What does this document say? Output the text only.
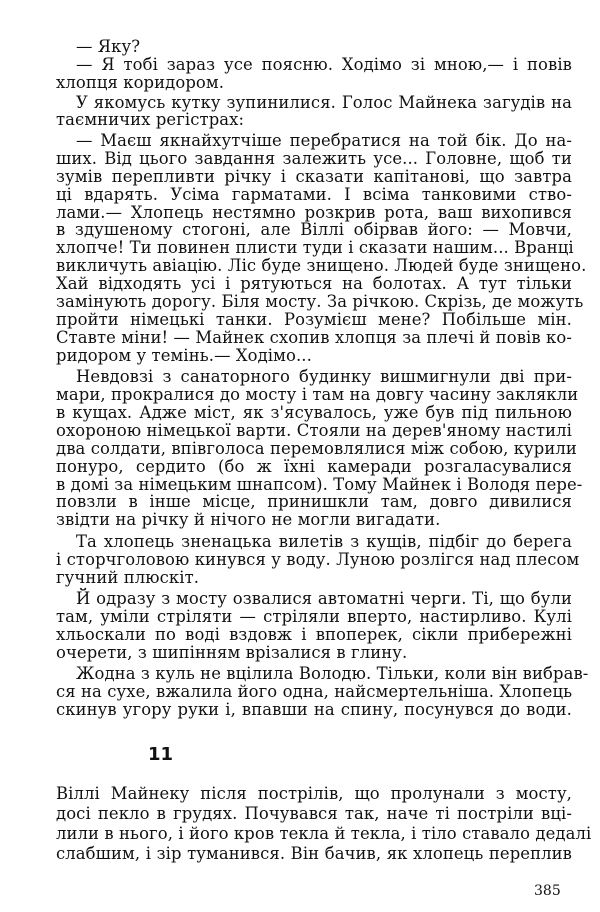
— Яку?
— Я тобі зараз усе поясню. Ходімо зі мною,— і повів
хлопця коридором.
У якомусь кутку зупинилися. Голос Майнека загудів на
таємничих регістрах:
— Маєш якнайхутчіше перебратися на той бік. До на-
ших. Від цього завдання залежить усе... Головне, щоб ти
зумів перепливти річку і сказати капітанові, що завтра
ці вдарять. Усіма гарматами. І всіма танковими ство-
лами.— Хлопець нестямно розкрив рота, ваш вихопився
в здушеному стогоні, але Віллі обірвав його: — Мовчи,
хлопче! Ти повинен плисти туди і сказати нашим... Вранці
викличуть авіацію. Ліс буде знищено. Людей буде знищено.
Хай відходять усі і рятуються на болотах. А тут тільки
замінують дорогу. Біля мосту. За річкою. Скрізь, де можуть
пройти німецькі танки. Розумієш мене? Побільше мін.
Ставте міни! — Майнек схопив хлопця за плечі й повів ко-
ридором у темінь.— Ходімо...
Невдовзі з санаторного будинку вишмигнули дві при-
мари, прокралися до мосту і там на довгу часину заклякли
в кущах. Адже міст, як з'ясувалось, уже був під пильною
охороною німецької варти. Стояли на дерев'яному настилі
два солдати, впівголоса перемовлялися між собою, курили
понуро, сердито (бо ж їхні камеради розгаласувалися
в домі за німецьким шнапсом). Тому Майнек і Володя пере-
повзли в інше місце, принишкли там, довго дивилися
звідти на річку й нічого не могли вигадати.
Та хлопець зненацька вилетів з кущів, підбіг до берега
і сторчголовою кинувся у воду. Луною розлігся над плесом
гучний плюскіт.
Й одразу з мосту озвалися автоматні черги. Ті, що були
там, уміли стріляти — стріляли вперто, настирливо. Кулі
хльоскали по воді вздовж і впоперек, сікли прибережні
очерети, з шипінням врізалися в глину.
Жодна з куль не вцілила Володю. Тільки, коли він вибрав-
ся на сухе, вжалила його одна, найсмертельніша. Хлопець
скинув угору руки і, впавши на спину, посунувся до води.
11
Віллі Майнеку після пострілів, що пролунали з мосту,
досі пекло в грудях. Почувався так, наче ті постріли вці-
лили в нього, і його кров текла й текла, і тіло ставало дедалі
слабшим, і зір туманився. Він бачив, як хлопець переплив
385
